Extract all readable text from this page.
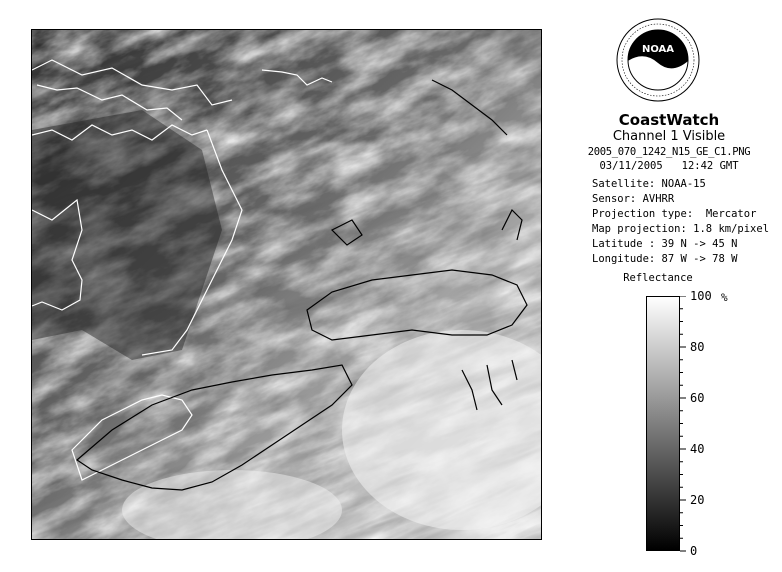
NOAA
CoastWatch
Channel 1 Visible
2005_070_1242_N15_GE_C1.PNG
03/11/2005 12:42 GMT
Satellite: NOAA-15
Sensor: AVHRR
Projection type: Mercator
Map projection: 1.8 km/pixel
Latitude : 39 N -> 45 N
Longitude: 87 W -> 78 W
Reflectance
%
100
80
60
40
20
0
